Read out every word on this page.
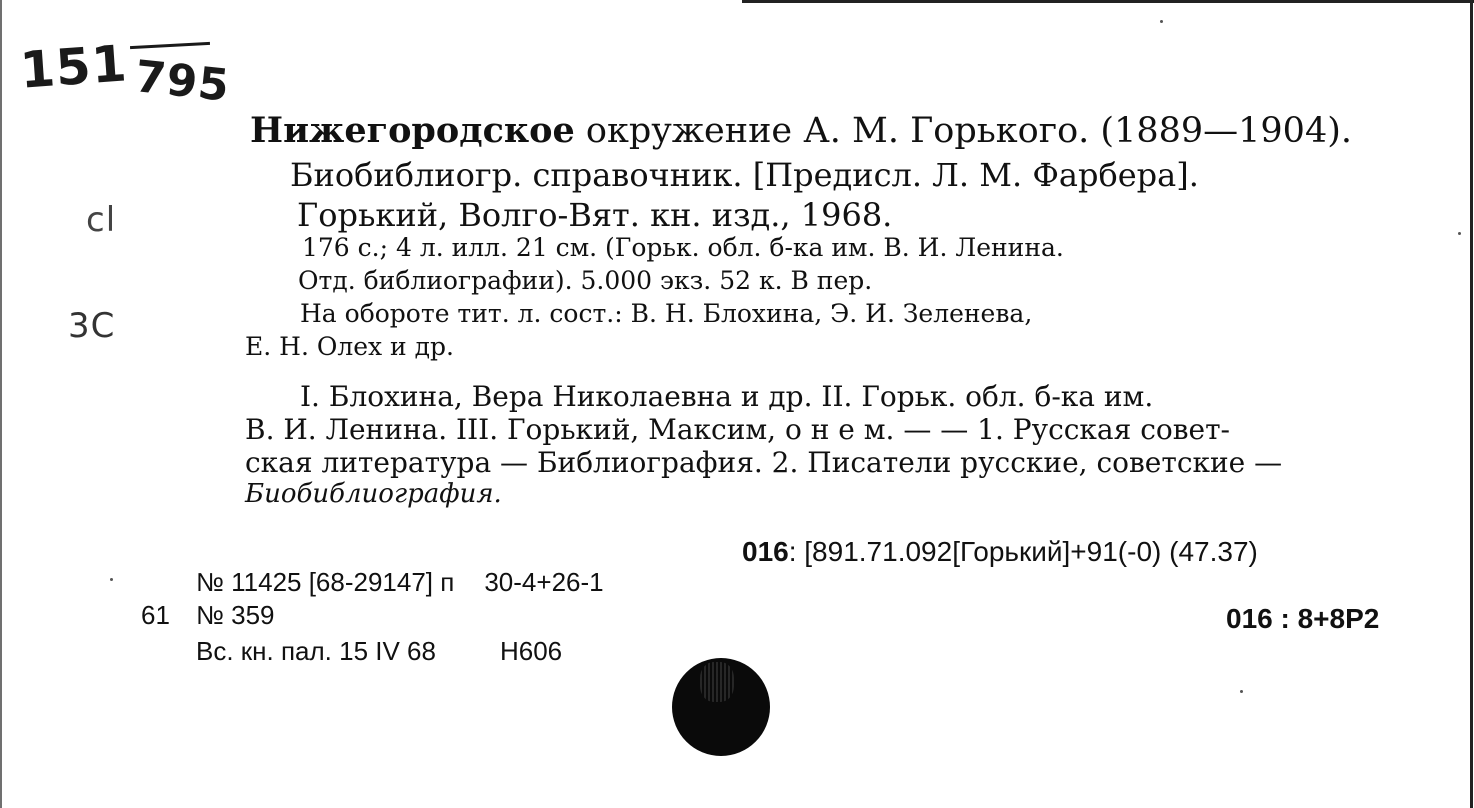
151 795
cl
3C
Нижегородское окружение А. М. Горького. (1889—1904).
Биобиблиогр. справочник. [Предисл. Л. М. Фарбера].
Горький, Волго-Вят. кн. изд., 1968.
176 с.; 4 л. илл. 21 см. (Горьк. обл. б-ка им. В. И. Ленина.
Отд. библиографии). 5.000 экз. 52 к. В пер.
На обороте тит. л. сост.: В. Н. Блохина, Э. И. Зеленева,
Е. Н. Олех и др.
I. Блохина, Вера Николаевна и др. II. Горьк. обл. б-ка им.
В. И. Ленина. III. Горький, Максим, о н е м. — — 1. Русская совет-
ская литература — Библиография. 2. Писатели русские, советские —
Биобиблиография.
016: [891.71.092[Горький]+91(-0) (47.37)
№ 11425 [68-29147] п 30-4+26-1
61 № 359	016 : 8+8Р2
Вс. кн. пал. 15 IV 68 Н606
